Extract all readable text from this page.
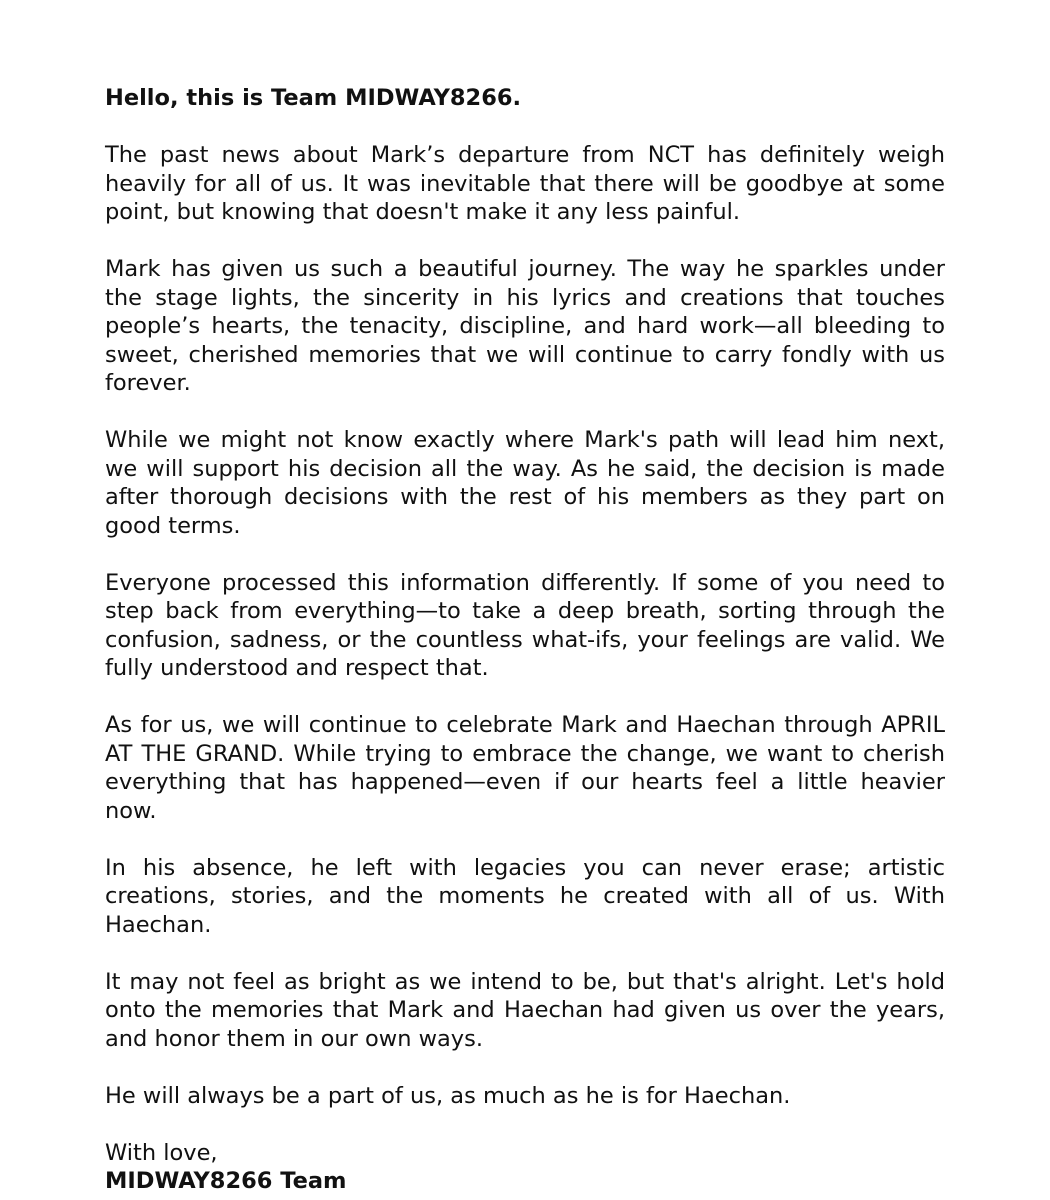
Hello, this is Team MIDWAY8266.

The past news about Mark’s departure from NCT has definitely weigh heavily for all of us. It was inevitable that there will be goodbye at some point, but knowing that doesn't make it any less painful.

Mark has given us such a beautiful journey. The way he sparkles under the stage lights, the sincerity in his lyrics and creations that touches people’s hearts, the tenacity, discipline, and hard work—all bleeding to sweet, cherished memories that we will continue to carry fondly with us forever.

While we might not know exactly where Mark's path will lead him next, we will support his decision all the way. As he said, the decision is made after thorough decisions with the rest of his members as they part on good terms.

Everyone processed this information differently. If some of you need to step back from everything—to take a deep breath, sorting through the confusion, sadness, or the countless what-ifs, your feelings are valid. We fully understood and respect that.

As for us, we will continue to celebrate Mark and Haechan through APRIL AT THE GRAND. While trying to embrace the change, we want to cherish everything that has happened—even if our hearts feel a little heavier now.

In his absence, he left with legacies you can never erase; artistic creations, stories, and the moments he created with all of us. With Haechan.

It may not feel as bright as we intend to be, but that's alright. Let's hold onto the memories that Mark and Haechan had given us over the years, and honor them in our own ways.

He will always be a part of us, as much as he is for Haechan.

With love,

MIDWAY8266 Team
